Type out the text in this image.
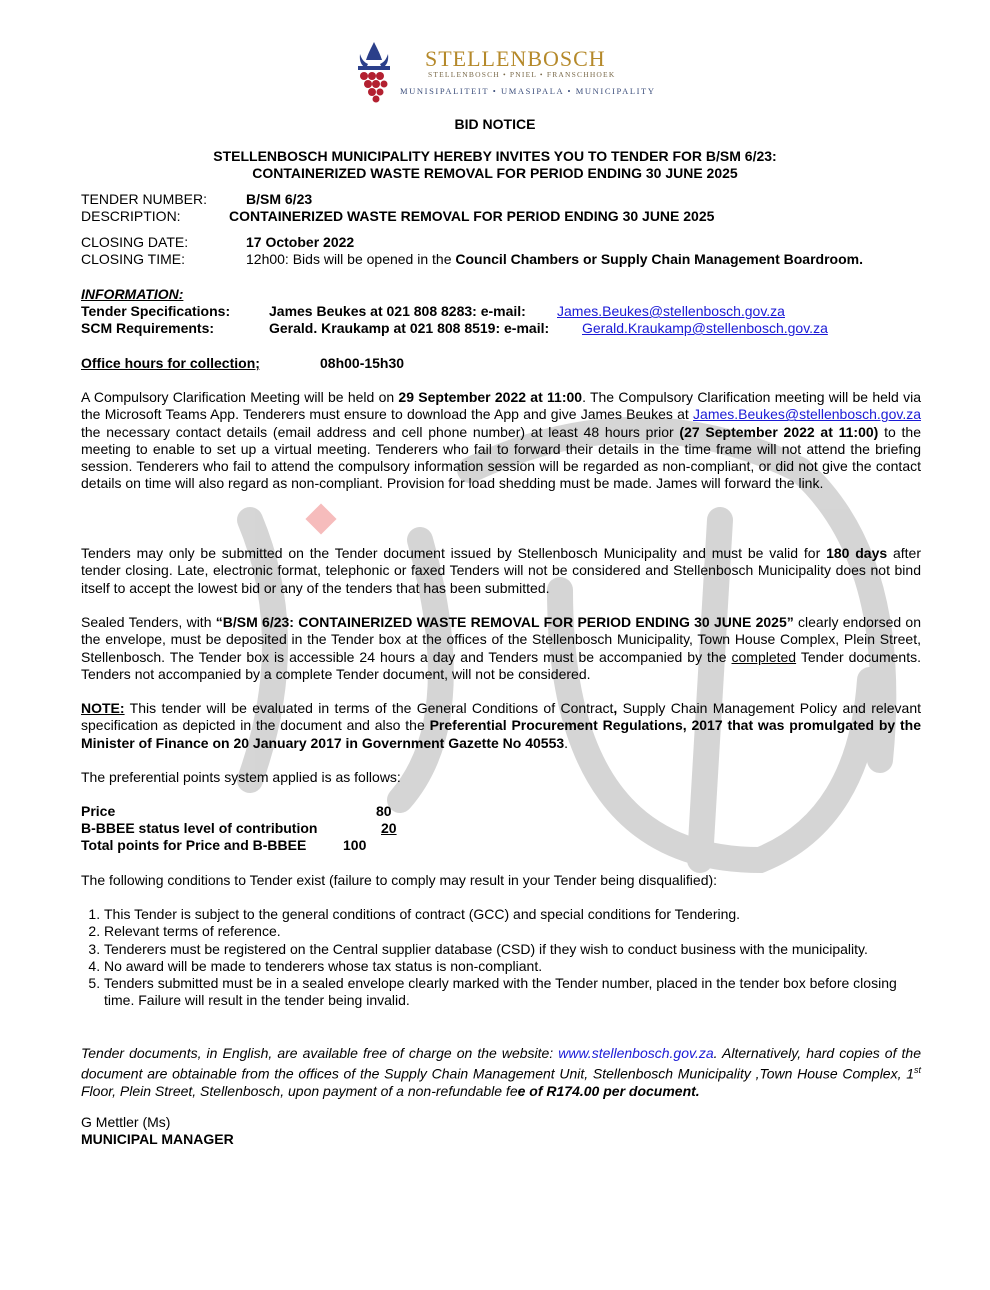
STELLENBOSCH
STELLENBOSCH • PNIEL • FRANSCHHOEK
MUNISIPALITEIT • UMASIPALA • MUNICIPALITY
BID NOTICE
STELLENBOSCH MUNICIPALITY HEREBY INVITES YOU TO TENDER FOR B/SM 6/23:
CONTAINERIZED WASTE REMOVAL FOR PERIOD ENDING 30 JUNE 2025
TENDER NUMBER:	B/SM 6/23
DESCRIPTION:	CONTAINERIZED WASTE REMOVAL FOR PERIOD ENDING 30 JUNE 2025
CLOSING DATE:	17 October 2022
CLOSING TIME:	12h00: Bids will be opened in the Council Chambers or Supply Chain Management Boardroom.
INFORMATION:
Tender Specifications:	James Beukes at 021 808 8283: e-mail: James.Beukes@stellenbosch.gov.za
SCM Requirements:	Gerald. Kraukamp at 021 808 8519: e-mail: Gerald.Kraukamp@stellenbosch.gov.za
Office hours for collection;	08h00-15h30
A Compulsory Clarification Meeting will be held on 29 September 2022 at 11:00. The Compulsory Clarification meeting will be held via the Microsoft Teams App. Tenderers must ensure to download the App and give James Beukes at James.Beukes@stellenbosch.gov.za the necessary contact details (email address and cell phone number) at least 48 hours prior (27 September 2022 at 11:00) to the meeting to enable to set up a virtual meeting. Tenderers who fail to forward their details in the time frame will not attend the briefing session. Tenderers who fail to attend the compulsory information session will be regarded as non-compliant, or did not give the contact details on time will also regard as non-compliant. Provision for load shedding must be made. James will forward the link.
Tenders may only be submitted on the Tender document issued by Stellenbosch Municipality and must be valid for 180 days after tender closing. Late, electronic format, telephonic or faxed Tenders will not be considered and Stellenbosch Municipality does not bind itself to accept the lowest bid or any of the tenders that has been submitted.
Sealed Tenders, with “B/SM 6/23: CONTAINERIZED WASTE REMOVAL FOR PERIOD ENDING 30 JUNE 2025” clearly endorsed on the envelope, must be deposited in the Tender box at the offices of the Stellenbosch Municipality, Town House Complex, Plein Street, Stellenbosch. The Tender box is accessible 24 hours a day and Tenders must be accompanied by the completed Tender documents. Tenders not accompanied by a complete Tender document, will not be considered.
NOTE: This tender will be evaluated in terms of the General Conditions of Contract, Supply Chain Management Policy and relevant specification as depicted in the document and also the Preferential Procurement Regulations, 2017 that was promulgated by the Minister of Finance on 20 January 2017 in Government Gazette No 40553.
The preferential points system applied is as follows:
Price	80
B-BBEE status level of contribution	20
Total points for Price and B-BBEE	100
The following conditions to Tender exist (failure to comply may result in your Tender being disqualified):
1. This Tender is subject to the general conditions of contract (GCC) and special conditions for Tendering.
2. Relevant terms of reference.
3. Tenderers must be registered on the Central supplier database (CSD) if they wish to conduct business with the municipality.
4. No award will be made to tenderers whose tax status is non-compliant.
5. Tenders submitted must be in a sealed envelope clearly marked with the Tender number, placed in the tender box before closing time. Failure will result in the tender being invalid.
Tender documents, in English, are available free of charge on the website: www.stellenbosch.gov.za. Alternatively, hard copies of the document are obtainable from the offices of the Supply Chain Management Unit, Stellenbosch Municipality ,Town House Complex, 1st Floor, Plein Street, Stellenbosch, upon payment of a non-refundable fee of R174.00 per document.
G Mettler (Ms)
MUNICIPAL MANAGER
